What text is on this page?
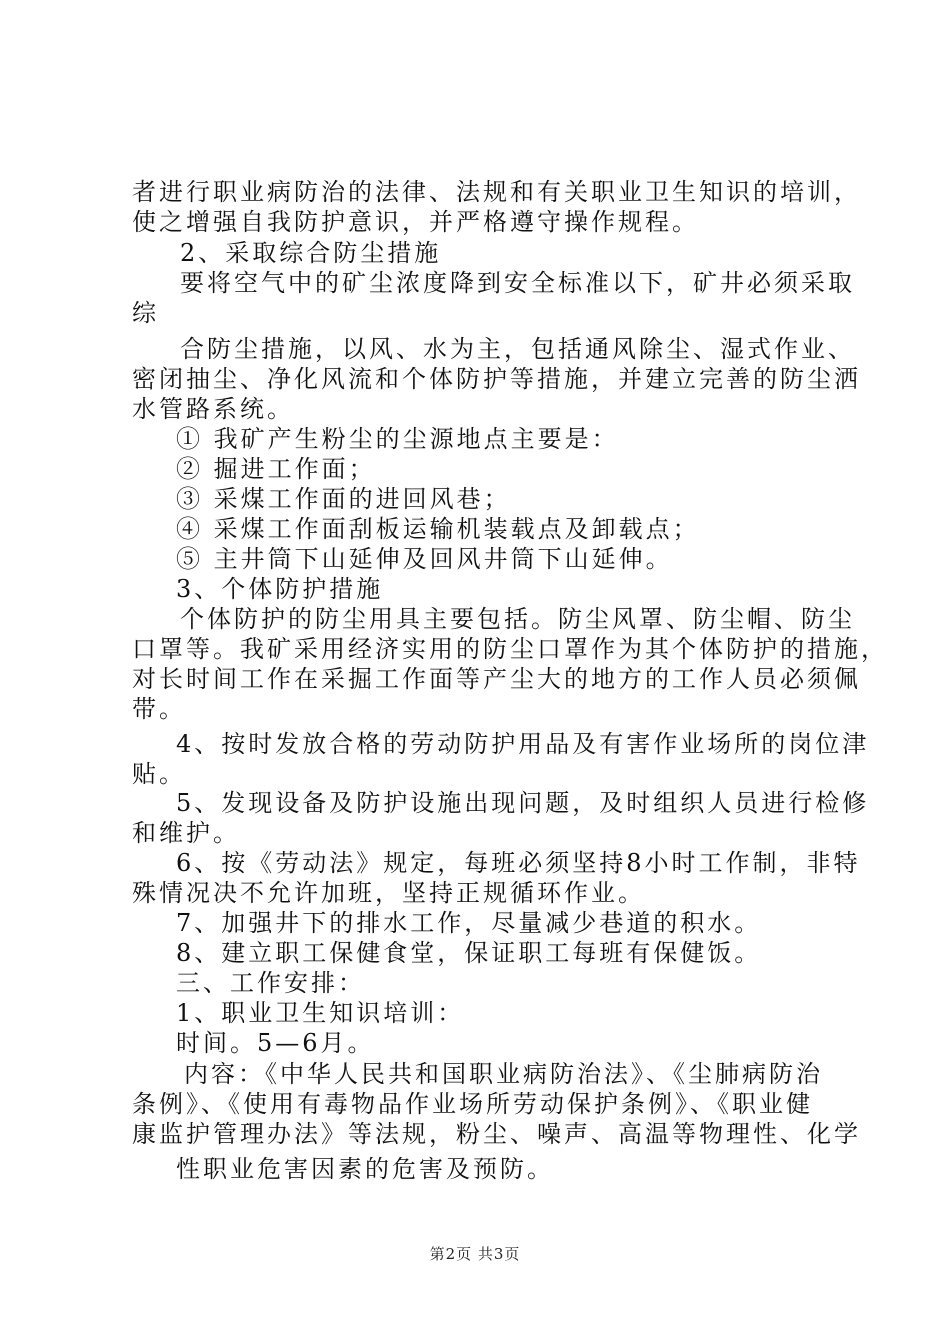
者进行职业病防治的法律、法规和有关职业卫生知识的培训，
使之增强自我防护意识，并严格遵守操作规程。
2、采取综合防尘措施
要将空气中的矿尘浓度降到安全标准以下，矿井必须采取
综
合防尘措施，以风、水为主，包括通风除尘、湿式作业、
密闭抽尘、净化风流和个体防护等措施，并建立完善的防尘洒
水管路系统。
① 我矿产生粉尘的尘源地点主要是：
② 掘进工作面；
③ 采煤工作面的进回风巷；
④ 采煤工作面刮板运输机装载点及卸载点；
⑤ 主井筒下山延伸及回风井筒下山延伸。
3、个体防护措施
个体防护的防尘用具主要包括。防尘风罩、防尘帽、防尘
口罩等。我矿采用经济实用的防尘口罩作为其个体防护的措施，
对长时间工作在采掘工作面等产尘大的地方的工作人员必须佩
带。
4、按时发放合格的劳动防护用品及有害作业场所的岗位津
贴。
5、发现设备及防护设施出现问题，及时组织人员进行检修
和维护。
6、按《劳动法》规定，每班必须坚持8小时工作制，非特
殊情况决不允许加班，坚持正规循环作业。
7、加强井下的排水工作，尽量减少巷道的积水。
8、建立职工保健食堂，保证职工每班有保健饭。
三、工作安排：
1、职业卫生知识培训：
时间。5—6月。
内容：《中华人民共和国职业病防治法》、《尘肺病防治
条例》、《使用有毒物品作业场所劳动保护条例》、《职业健
康监护管理办法》等法规，粉尘、噪声、高温等物理性、化学
性职业危害因素的危害及预防。
第2页 共3页
